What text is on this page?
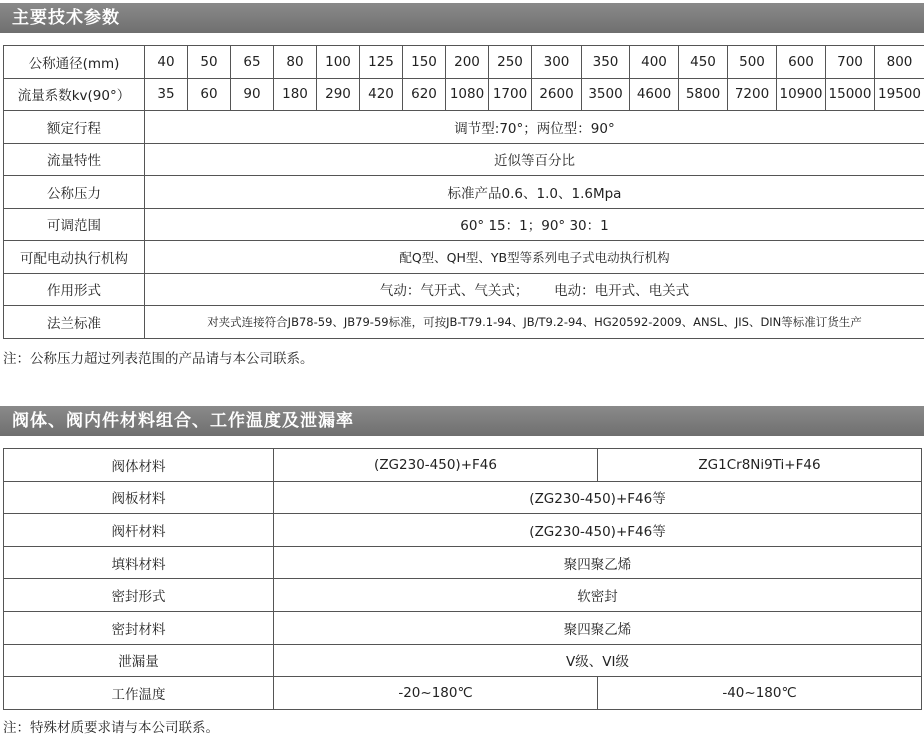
主要技术参数
公称通径(mm)	40	50	65	80	100	125	150	200	250	300	350	400	450	500	600	700	800
流量系数kv(90°）	35	60	90	180	290	420	620	1080	1700	2600	3500	4600	5800	7200	10900	15000	19500
额定行程	调节型:70°；两位型：90°																
流量特性	近似等百分比																
公称压力	标准产品0.6、1.0、1.6Mpa																
可调范围	60° 15：1；90° 30：1																
可配电动执行机构	配Q型、QH型、YB型等系列电子式电动执行机构																
作用形式	气动：气开式、气关式；      电动：电开式、电关式																
法兰标准	对夹式连接符合JB78-59、JB79-59标准，可按JB-T79.1-94、JB/T9.2-94、HG20592-2009、ANSL、JIS、DIN等标准订货生产																
注：公称压力超过列表范围的产品请与本公司联系。
阀体、阀内件材料组合、工作温度及泄漏率
阀体材料	(ZG230-450)+F46	ZG1Cr8Ni9Ti+F46
阀板材料	(ZG230-450)+F46等	
阀杆材料	(ZG230-450)+F46等	
填料材料	聚四聚乙烯	
密封形式	软密封	
密封材料	聚四聚乙烯	
泄漏量	V级、VI级	
工作温度	-20~180℃	-40~180℃
注：特殊材质要求请与本公司联系。
